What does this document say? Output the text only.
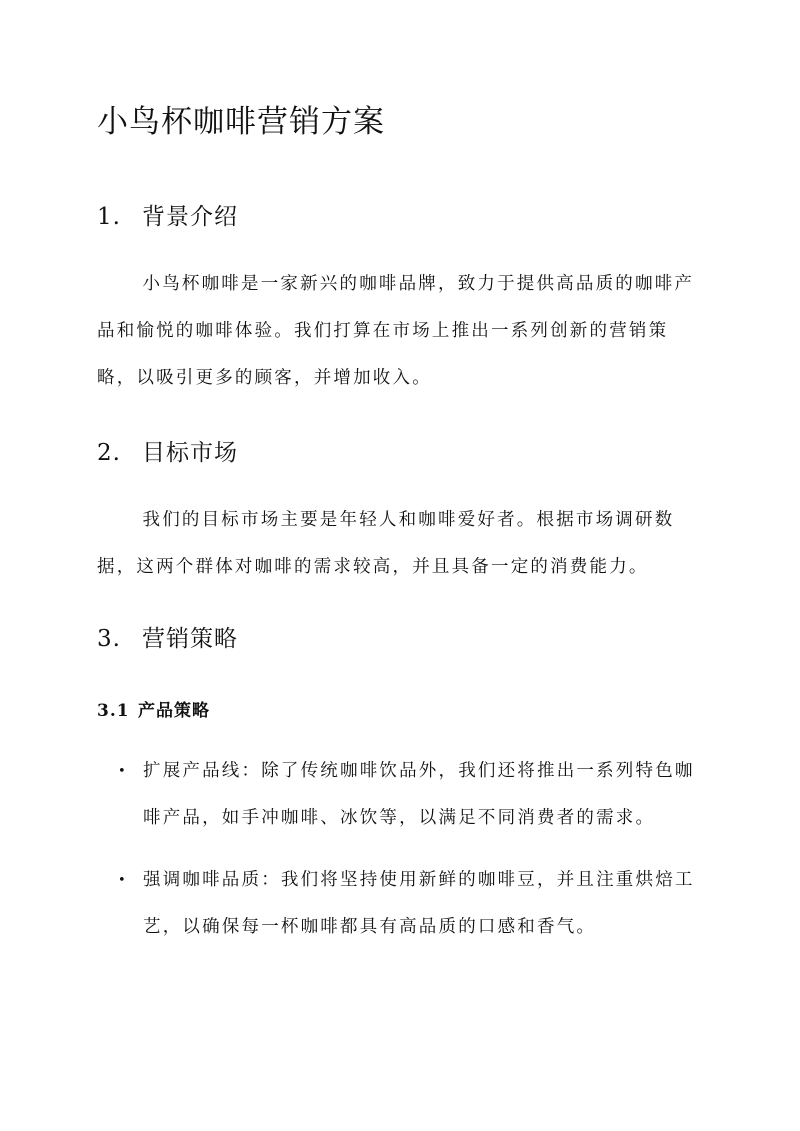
小鸟杯咖啡营销方案
1. 背景介绍

小鸟杯咖啡是一家新兴的咖啡品牌，致力于提供高品质的咖啡产品和愉悦的咖啡体验。我们打算在市场上推出一系列创新的营销策略，以吸引更多的顾客，并增加收入。

2. 目标市场

我们的目标市场主要是年轻人和咖啡爱好者。根据市场调研数据，这两个群体对咖啡的需求较高，并且具备一定的消费能力。

3. 营销策略
3.1 产品策略
• 扩展产品线：除了传统咖啡饮品外，我们还将推出一系列特色咖啡产品，如手冲咖啡、冰饮等，以满足不同消费者的需求。
• 强调咖啡品质：我们将坚持使用新鲜的咖啡豆，并且注重烘焙工艺，以确保每一杯咖啡都具有高品质的口感和香气。
